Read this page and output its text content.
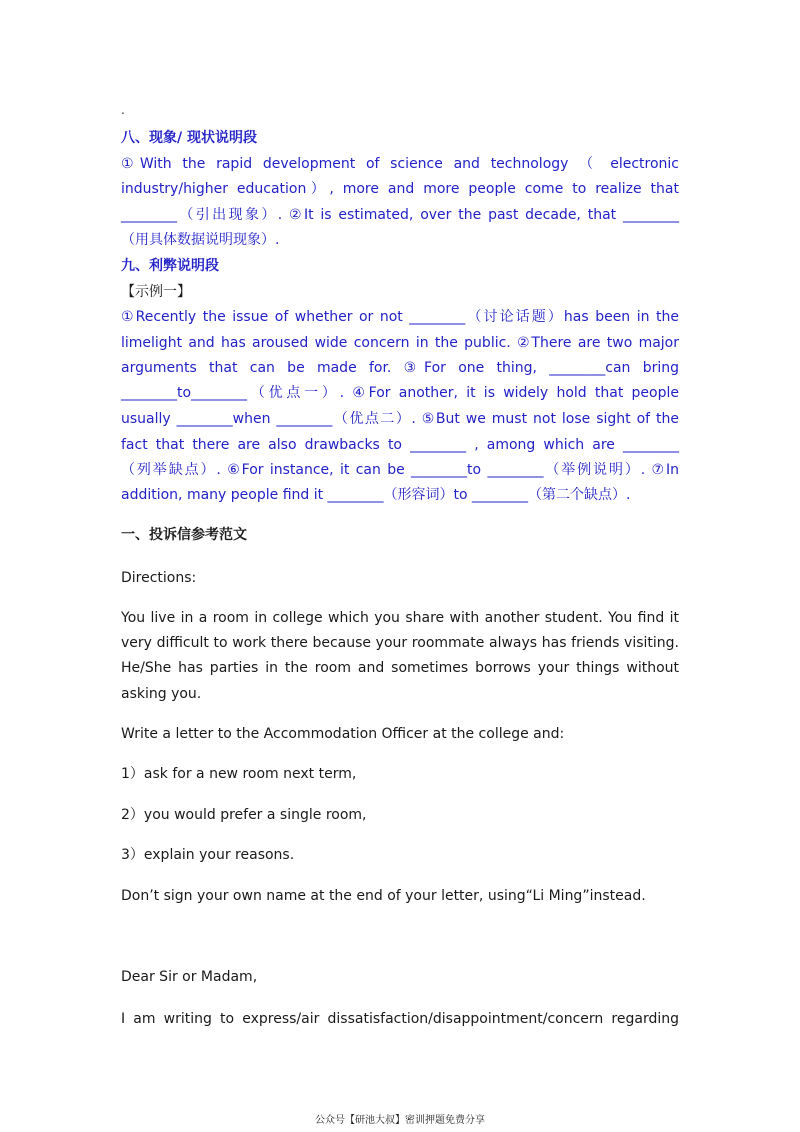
.
八、现象/ 现状说明段
①With the rapid development of science and technology （ electronic
industry/higher education）, more and more people come to realize that
________（引出现象）. ②It is estimated, over the past decade, that ________
（用具体数据说明现象）.
九、利弊说明段
【示例一】
①Recently the issue of whether or not ________（讨论话题）has been in the
limelight and has aroused wide concern in the public. ②There are two major
arguments that can be made for. ③For one thing, ________can bring
________to________（优点一）. ④For another, it is widely hold that people
usually ________when ________（优点二）. ⑤But we must not lose sight of the
fact that there are also drawbacks to ________ , among which are ________
（列举缺点）. ⑥For instance, it can be ________to ________（举例说明）. ⑦In
addition, many people find it ________（形容词）to ________（第二个缺点）.
一、投诉信参考范文
Directions:
You live in a room in college which you share with another student. You find it
very difficult to work there because your roommate always has friends visiting.
He/She has parties in the room and sometimes borrows your things without
asking you.
Write a letter to the Accommodation Officer at the college and:
1）ask for a new room next term,
2）you would prefer a single room,
3）explain your reasons.
Don’t sign your own name at the end of your letter, using“Li Ming”instead.
Dear Sir or Madam,
I am writing to express/air dissatisfaction/disappointment/concern regarding
公众号【研池大叔】密训押题免费分享
